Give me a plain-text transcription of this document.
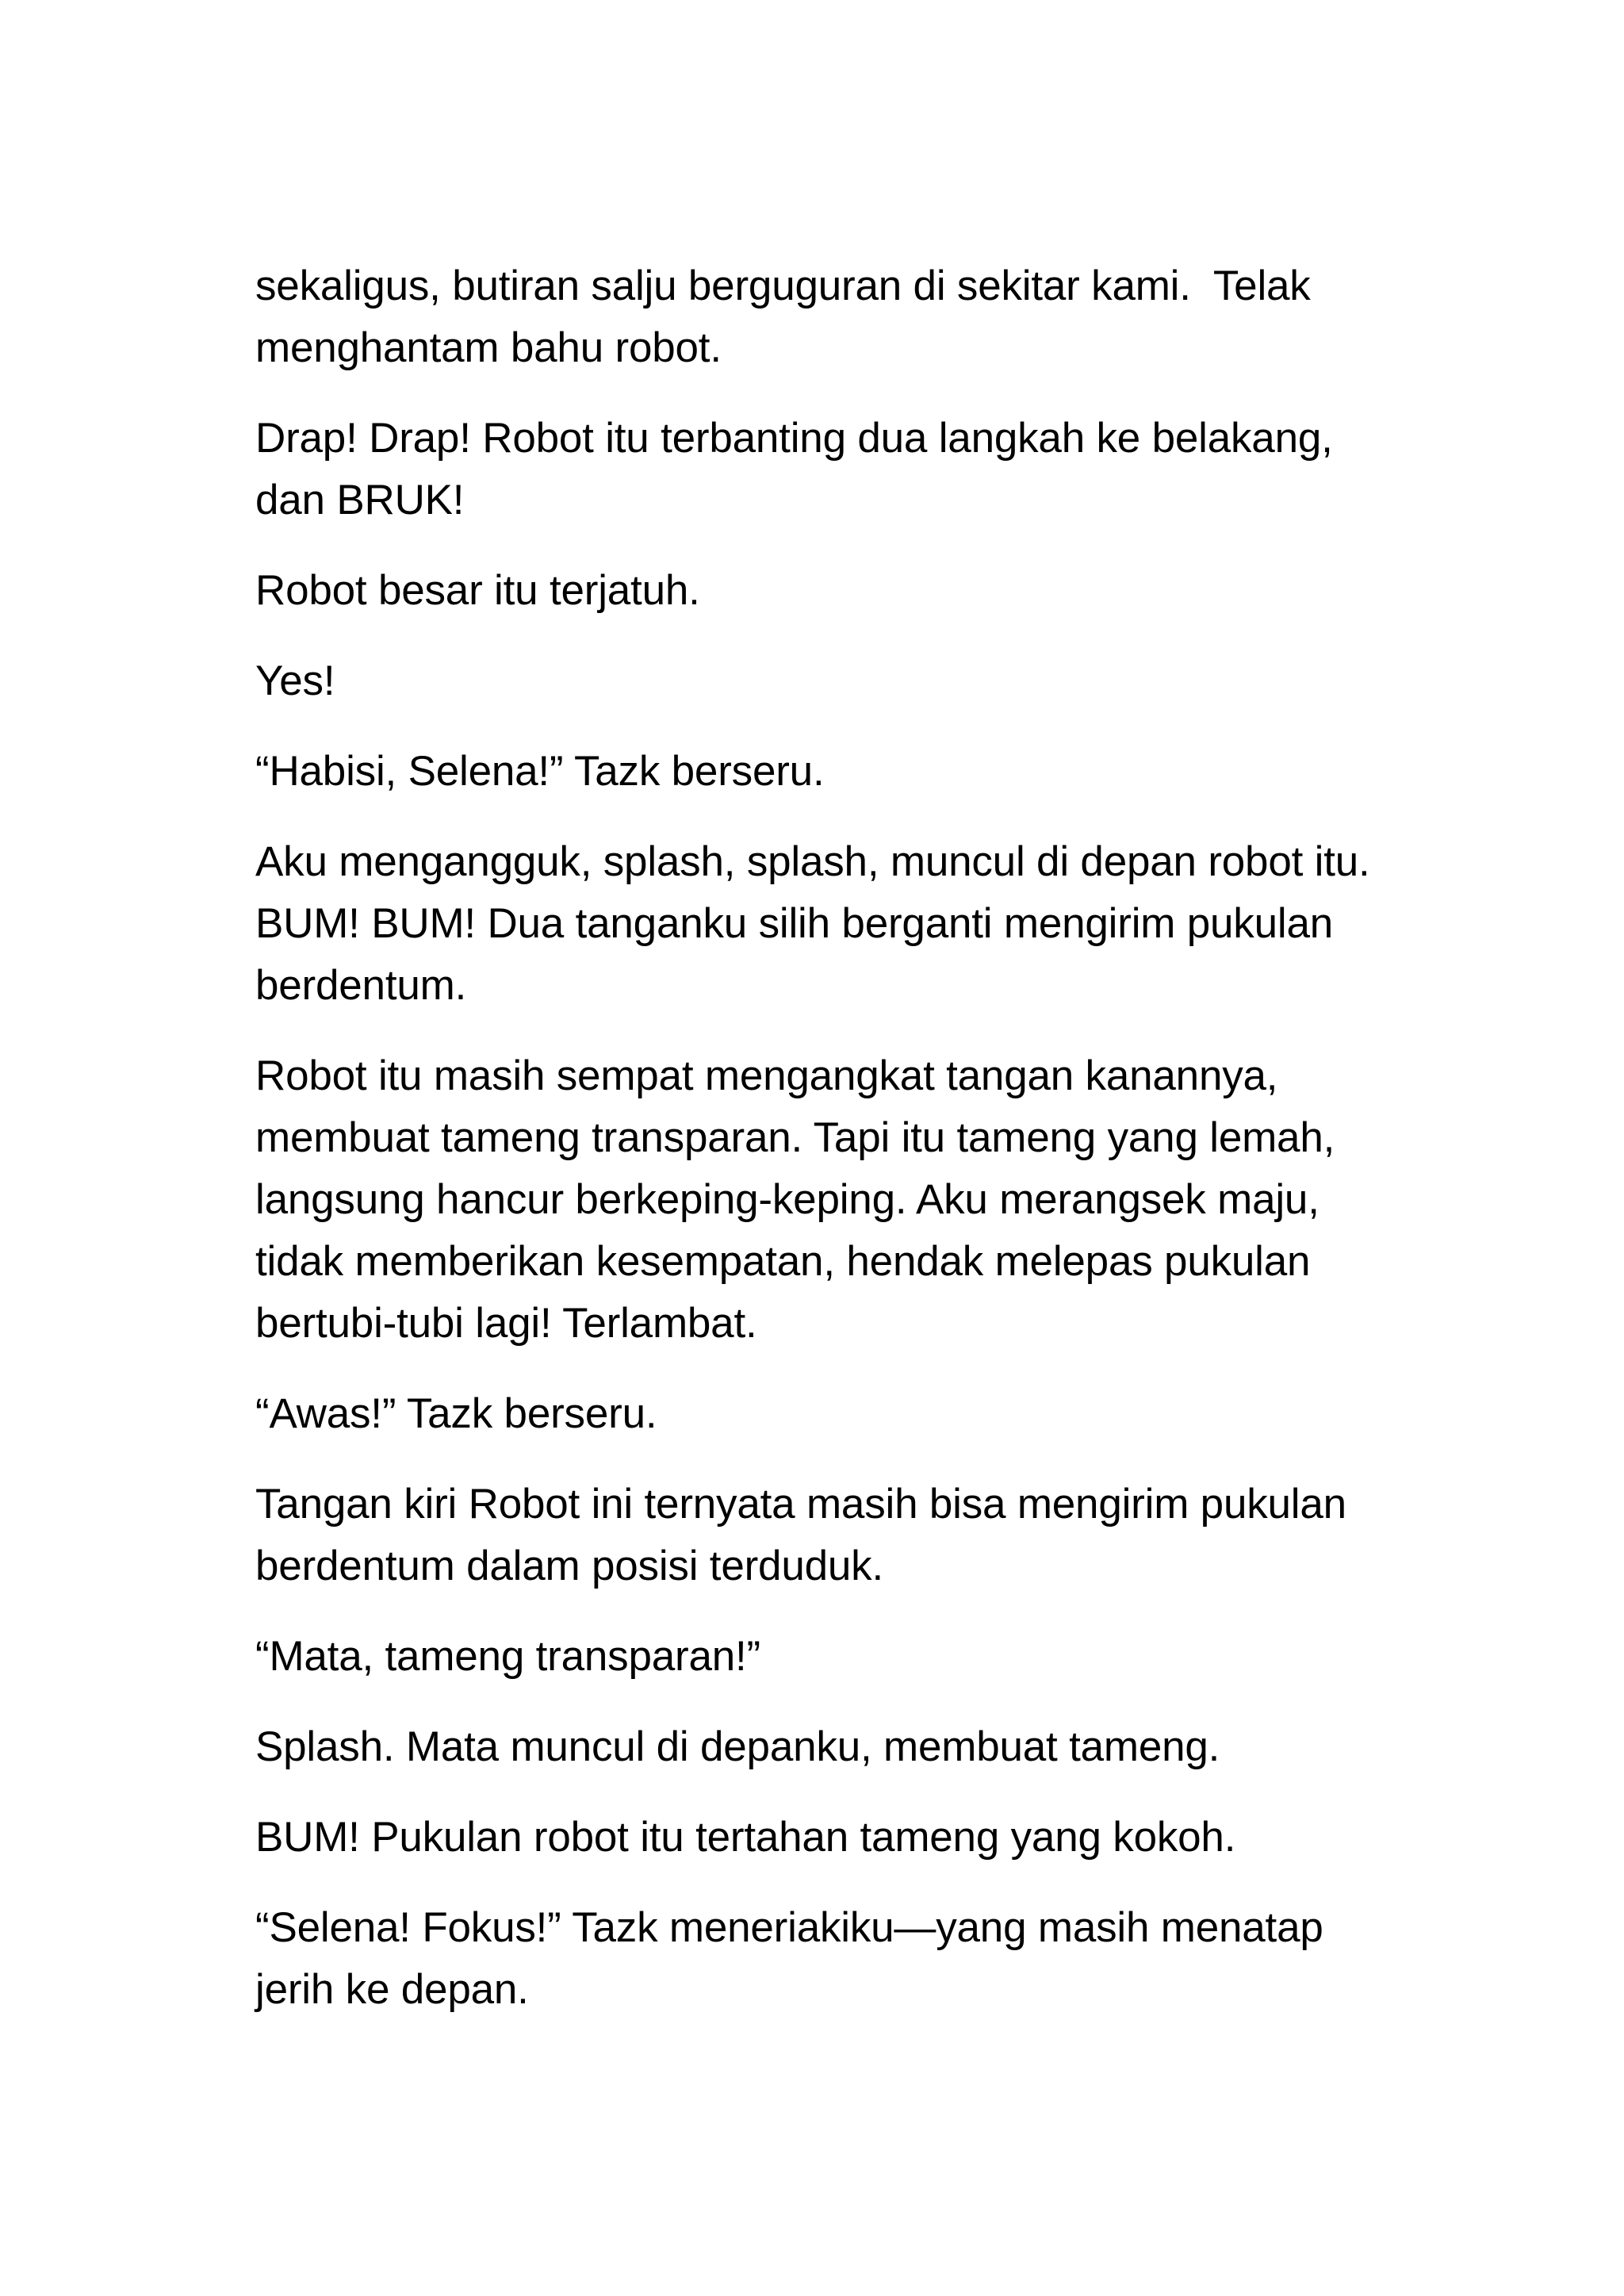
sekaligus, butiran salju berguguran di sekitar kami.  Telak menghantam bahu robot.

Drap! Drap! Robot itu terbanting dua langkah ke belakang, dan BRUK!

Robot besar itu terjatuh.

Yes!

“Habisi, Selena!” Tazk berseru.

Aku mengangguk, splash, splash, muncul di depan robot itu. BUM! BUM! Dua tanganku silih berganti mengirim pukulan berdentum.

Robot itu masih sempat mengangkat tangan kanannya, membuat tameng transparan. Tapi itu tameng yang lemah, langsung hancur berkeping-keping. Aku merangsek maju, tidak memberikan kesempatan, hendak melepas pukulan bertubi-tubi lagi! Terlambat.

“Awas!” Tazk berseru.

Tangan kiri Robot ini ternyata masih bisa mengirim pukulan berdentum dalam posisi terduduk.

“Mata, tameng transparan!”

Splash. Mata muncul di depanku, membuat tameng.

BUM! Pukulan robot itu tertahan tameng yang kokoh.

“Selena! Fokus!” Tazk meneriakiku—yang masih menatap jerih ke depan.
